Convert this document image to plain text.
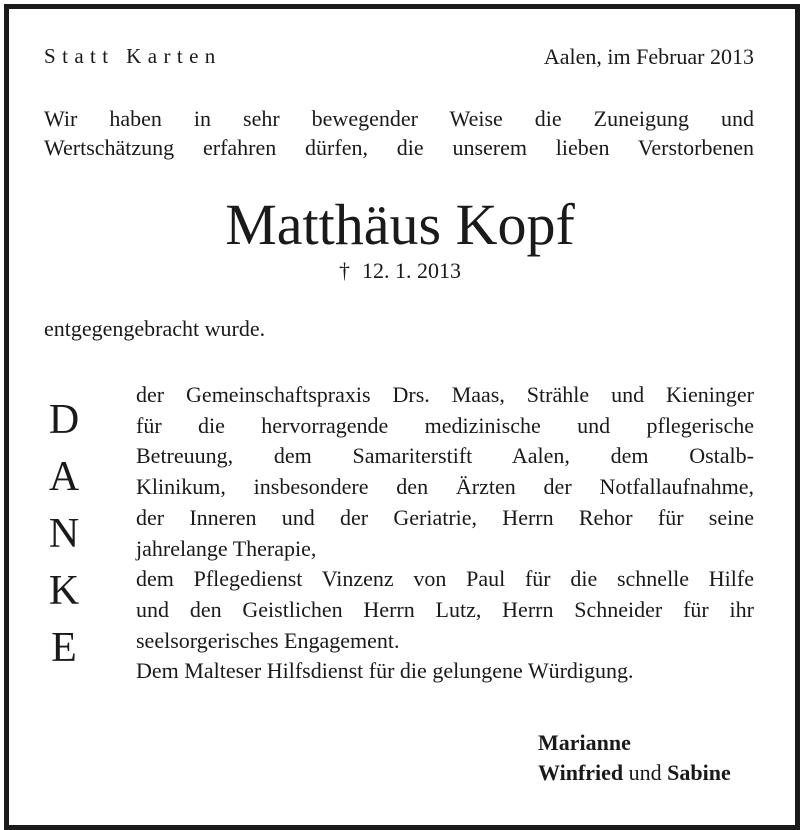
Statt Karten	Aalen, im Februar 2013
Wir haben in sehr bewegender Weise die Zuneigung und
Wertschätzung erfahren dürfen, die unserem lieben Verstorbenen
Matthäus Kopf
† 12. 1. 2013
entgegengebracht wurde.
D
A
N
K
E
der Gemeinschaftspraxis Drs. Maas, Strähle und Kieninger
für die hervorragende medizinische und pflegerische
Betreuung, dem Samariterstift Aalen, dem Ostalb-
Klinikum, insbesondere den Ärzten der Notfallaufnahme,
der Inneren und der Geriatrie, Herrn Rehor für seine
jahrelange Therapie,
dem Pflegedienst Vinzenz von Paul für die schnelle Hilfe
und den Geistlichen Herrn Lutz, Herrn Schneider für ihr
seelsorgerisches Engagement.
Dem Malteser Hilfsdienst für die gelungene Würdigung.
Marianne
Winfried und Sabine
